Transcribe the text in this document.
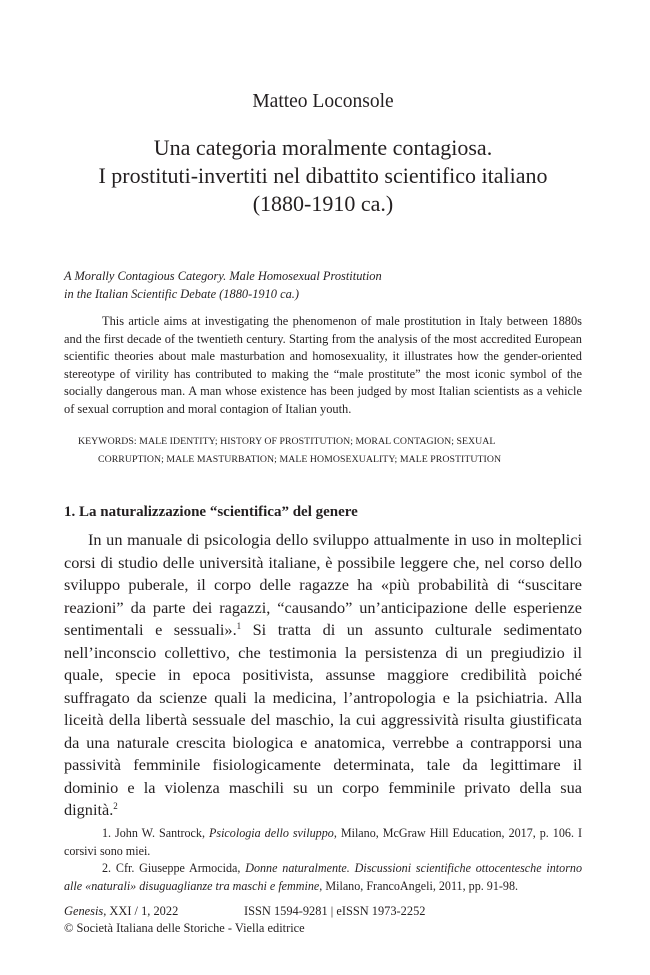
Matteo Loconsole
Una categoria moralmente contagiosa.
I prostituti-invertiti nel dibattito scientifico italiano
(1880-1910 ca.)
A Morally Contagious Category. Male Homosexual Prostitution
in the Italian Scientific Debate (1880-1910 ca.)

This article aims at investigating the phenomenon of male prostitution in Italy between 1880s and the first decade of the twentieth century. Starting from the analysis of the most accredited European scientific theories about male masturbation and homosexuality, it illustrates how the gender-oriented stereotype of virility has contributed to making the “male prostitute” the most iconic symbol of the socially dangerous man. A man whose existence has been judged by most Italian scientists as a vehicle of sexual corruption and moral contagion of Italian youth.

KEYWORDS: MALE IDENTITY; HISTORY OF PROSTITUTION; MORAL CONTAGION; SEXUAL
CORRUPTION; MALE MASTURBATION; MALE HOMOSEXUALITY; MALE PROSTITUTION
1. La naturalizzazione “scientifica” del genere

In un manuale di psicologia dello sviluppo attualmente in uso in molteplici corsi di studio delle università italiane, è possibile leggere che, nel corso dello sviluppo puberale, il corpo delle ragazze ha «più probabilità di “suscitare reazioni” da parte dei ragazzi, “causando” un’anticipazione delle esperienze sentimentali e sessuali».$^1$ Si tratta di un assunto culturale sedimentato nell’inconscio collettivo, che testimonia la persistenza di un pregiudizio il quale, specie in epoca positivista, assunse maggiore credibilità poiché suffragato da scienze quali la medicina, l’antropologia e la psichiatria. Alla liceità della libertà sessuale del maschio, la cui aggressività risulta giustificata da una naturale crescita biologica e anatomica, verrebbe a contrapporsi una passività femminile fisiologicamente determinata, tale da legittimare il dominio e la violenza maschili su un corpo femminile privato della sua dignità.$^2$

1. John W. Santrock, Psicologia dello sviluppo, Milano, McGraw Hill Education, 2017, p. 106. I corsivi sono miei.

2. Cfr. Giuseppe Armocida, Donne naturalmente. Discussioni scientifiche ottocentesche intorno alle «naturali» disuguaglianze tra maschi e femmine, Milano, FrancoAngeli, 2011, pp. 91-98.

Genesis, XXI / 1, 2022	ISSN 1594-9281 | eISSN 1973-2252
© Società Italiana delle Storiche - Viella editrice
